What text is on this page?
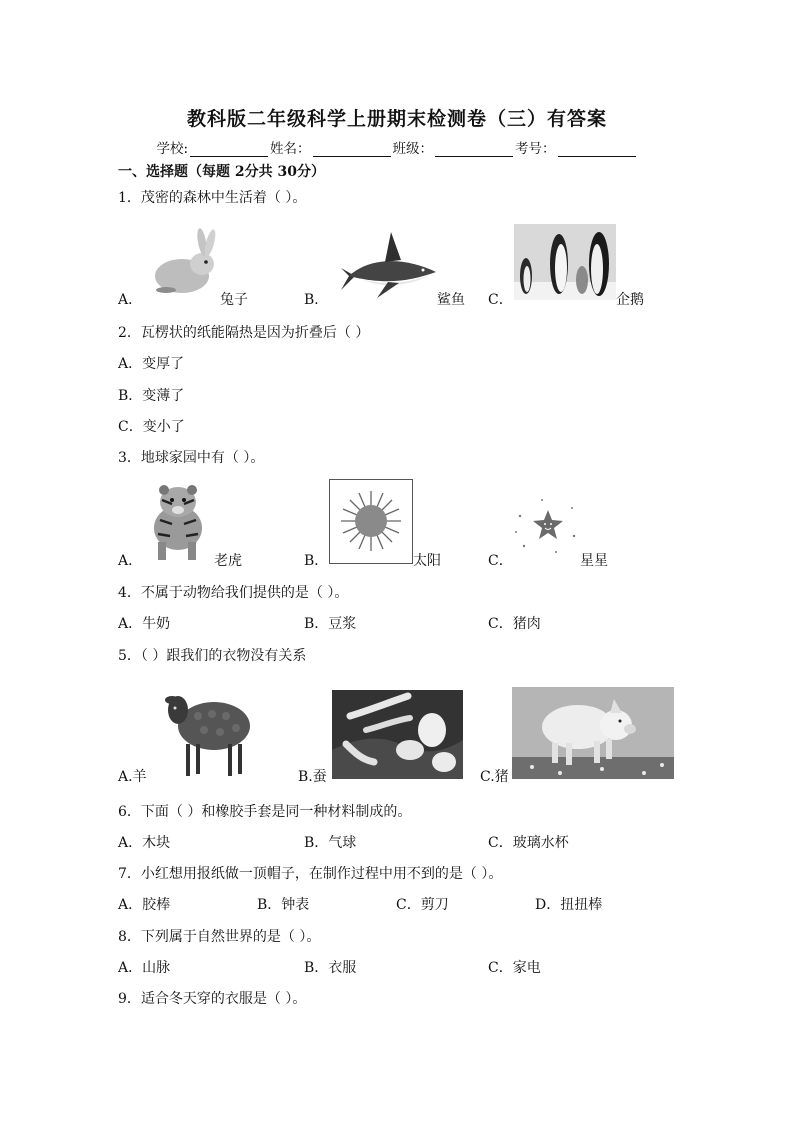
教科版二年级科学上册期末检测卷（三）有答案
学校:	姓名：	班级：	考号：
一、选择题（每题 2分共 30分）
1．茂密的森林中生活着（ ）。
A．	兔子	B．	鲨鱼 C．	企鹅
2．瓦楞状的纸能隔热是因为折叠后（ ）
A．变厚了
B．变薄了
C．变小了
3．地球家园中有（ ）。
A．	老虎	B．	太阳	C．	星星
4．不属于动物给我们提供的是（ ）。
A．牛奶	B．豆浆	C．猪肉
5．（ ）跟我们的衣物没有关系
A.羊	B.蚕	C.猪
6．下面（ ）和橡胶手套是同一种材料制成的。
A．木块	B．气球	C．玻璃水杯
7．小红想用报纸做一顶帽子，在制作过程中用不到的是（ ）。
A．胶棒	B．钟表	C．剪刀	D．扭扭棒
8．下列属于自然世界的是（ ）。
A．山脉	B．衣服	C．家电
9．适合冬天穿的衣服是（ ）。
